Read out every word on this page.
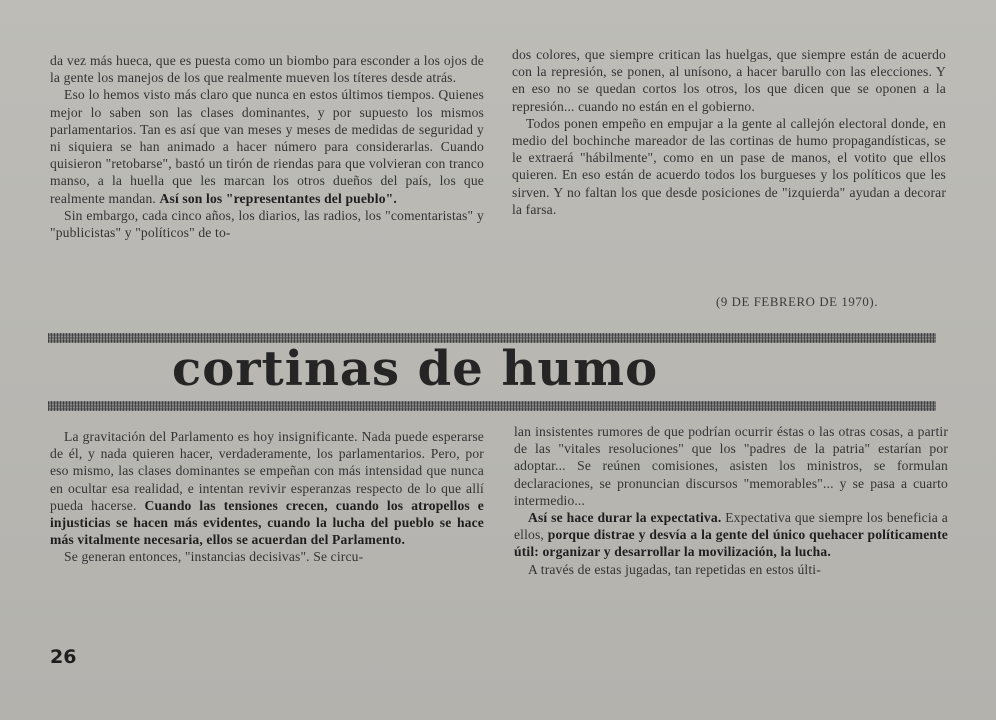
da vez más hueca, que es puesta como un biombo para esconder a los ojos de la gente los manejos de los que realmente mueven los títeres desde atrás.

Eso lo hemos visto más claro que nunca en estos últimos tiempos. Quienes mejor lo saben son las clases dominantes, y por supuesto los mismos parlamentarios. Tan es así que van meses y meses de medidas de seguridad y ni siquiera se han animado a hacer número para considerarlas. Cuando quisieron "retobarse", bastó un tirón de riendas para que volvieran con tranco manso, a la huella que les marcan los otros dueños del país, los que realmente mandan. Así son los "representantes del pueblo".

Sin embargo, cada cinco años, los diarios, las radios, los "comentaristas" y "publicistas" y "políticos" de to-

dos colores, que siempre critican las huelgas, que siempre están de acuerdo con la represión, se ponen, al unísono, a hacer barullo con las elecciones. Y en eso no se quedan cortos los otros, los que dicen que se oponen a la represión... cuando no están en el gobierno.

Todos ponen empeño en empujar a la gente al callejón electoral donde, en medio del bochinche mareador de las cortinas de humo propagandísticas, se le extraerá "hábilmente", como en un pase de manos, el votito que ellos quieren. En eso están de acuerdo todos los burgueses y los políticos que les sirven. Y no faltan los que desde posiciones de "izquierda" ayudan a decorar la farsa.

(9 DE FEBRERO DE 1970).
cortinas de humo

La gravitación del Parlamento es hoy insignificante. Nada puede esperarse de él, y nada quieren hacer, verdaderamente, los parlamentarios. Pero, por eso mismo, las clases dominantes se empeñan con más intensidad que nunca en ocultar esa realidad, e intentan revivir esperanzas respecto de lo que allí pueda hacerse. Cuando las tensiones crecen, cuando los atropellos e injusticias se hacen más evidentes, cuando la lucha del pueblo se hace más vitalmente necesaria, ellos se acuerdan del Parlamento.

Se generan entonces, "instancias decisivas". Se circu-

lan insistentes rumores de que podrían ocurrir éstas o las otras cosas, a partir de las "vitales resoluciones" que los "padres de la patria" estarían por adoptar... Se reúnen comisiones, asisten los ministros, se formulan declaraciones, se pronuncian discursos "memorables"... y se pasa a cuarto intermedio...

Así se hace durar la expectativa. Expectativa que siempre los beneficia a ellos, porque distrae y desvía a la gente del único quehacer políticamente útil: organizar y desarrollar la movilización, la lucha.

A través de estas jugadas, tan repetidas en estos últi-

26
